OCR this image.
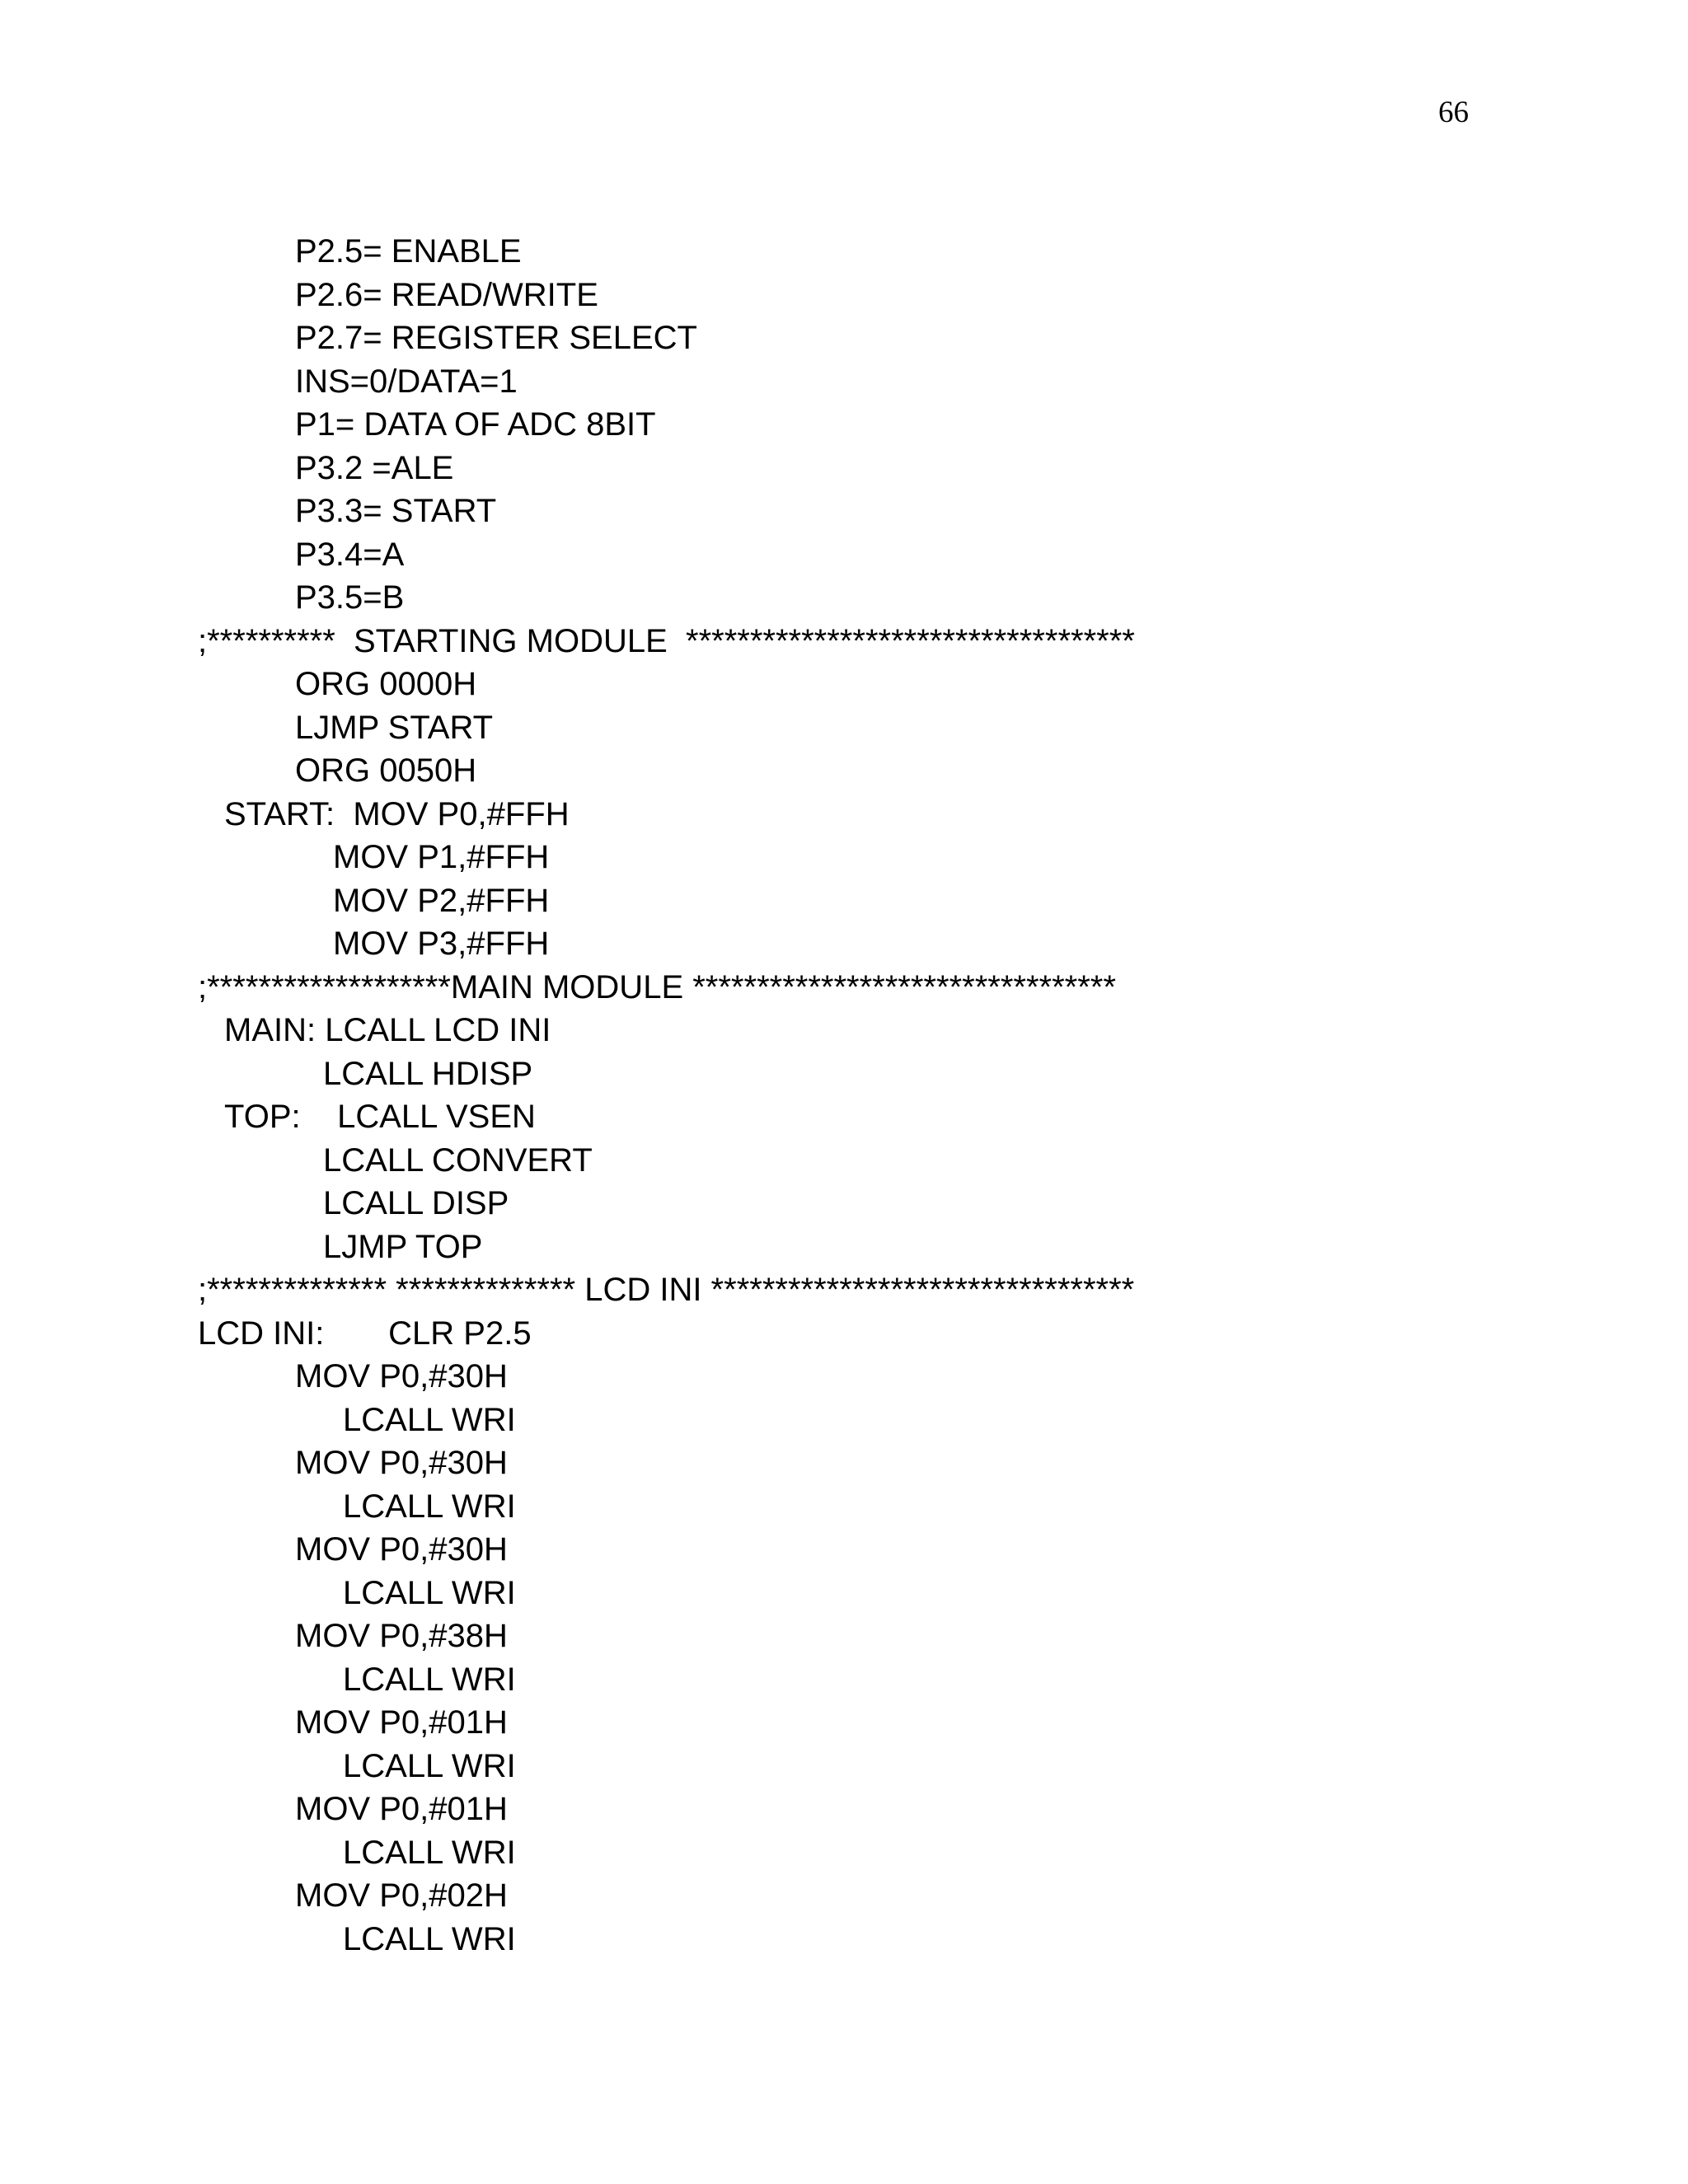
66
P2.5= ENABLE
P2.6= READ/WRITE
P2.7= REGISTER SELECT
INS=0/DATA=1
P1= DATA OF ADC 8BIT
P3.2 =ALE
P3.3= START
P3.4=A
P3.5=B
;**********  STARTING MODULE  ***********************************
ORG 0000H
LJMP START
ORG 0050H
START:  MOV P0,#FFH
MOV P1,#FFH
MOV P2,#FFH
MOV P3,#FFH
;*******************MAIN MODULE *********************************
MAIN: LCALL LCD INI
LCALL HDISP
TOP:    LCALL VSEN
LCALL CONVERT
LCALL DISP
LJMP TOP
;************** ************** LCD INI *********************************
LCD INI:       CLR P2.5
MOV P0,#30H
LCALL WRI
MOV P0,#30H
LCALL WRI
MOV P0,#30H
LCALL WRI
MOV P0,#38H
LCALL WRI
MOV P0,#01H
LCALL WRI
MOV P0,#01H
LCALL WRI
MOV P0,#02H
LCALL WRI
